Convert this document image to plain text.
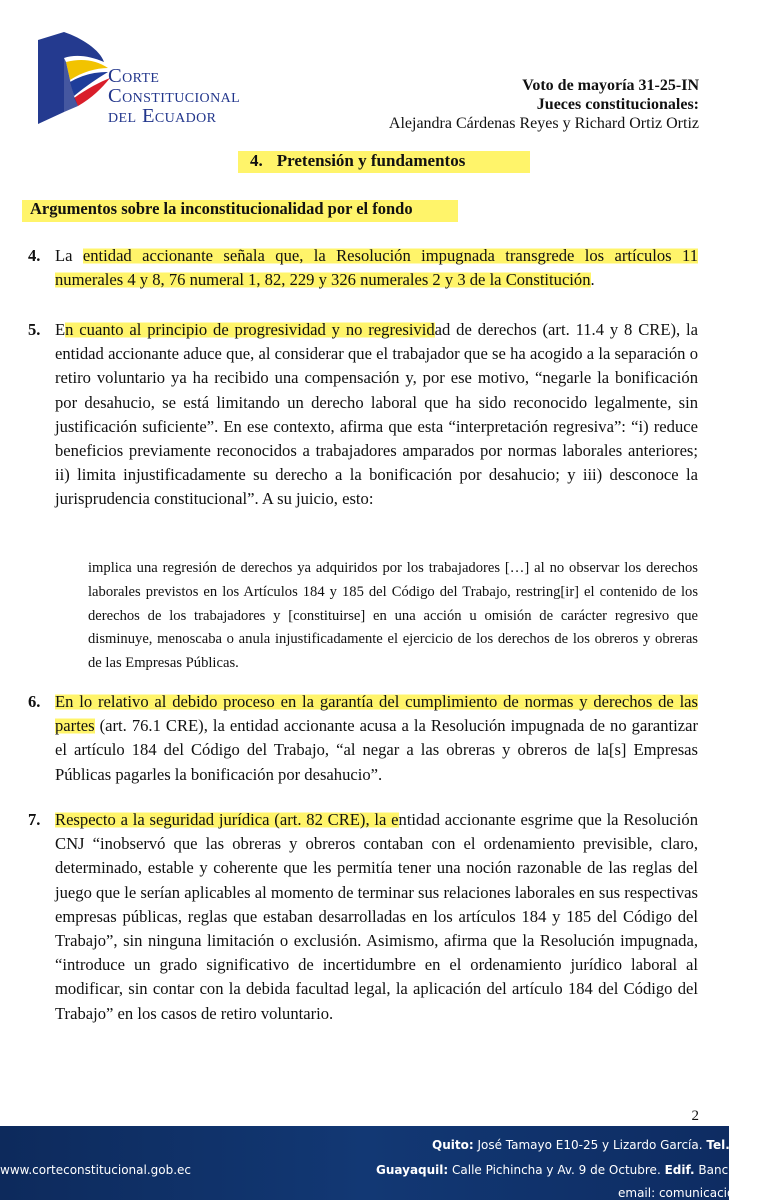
Corte
Constitucional
del Ecuador
Voto de mayoría 31-25-IN
Jueces constitucionales:
Alejandra Cárdenas Reyes y Richard Ortiz Ortiz
4. Pretensión y fundamentos
Argumentos sobre la inconstitucionalidad por el fondo
4. La entidad accionante señala que, la Resolución impugnada transgrede los artículos 11 numerales 4 y 8, 76 numeral 1, 82, 229 y 326 numerales 2 y 3 de la Constitución.
5. En cuanto al principio de progresividad y no regresividad de derechos (art. 11.4 y 8 CRE), la entidad accionante aduce que, al considerar que el trabajador que se ha acogido a la separación o retiro voluntario ya ha recibido una compensación y, por ese motivo, “negarle la bonificación por desahucio, se está limitando un derecho laboral que ha sido reconocido legalmente, sin justificación suficiente”. En ese contexto, afirma que esta “interpretación regresiva”: “i) reduce beneficios previamente reconocidos a trabajadores amparados por normas laborales anteriores; ii) limita injustificadamente su derecho a la bonificación por desahucio; y iii) desconoce la jurisprudencia constitucional”. A su juicio, esto:
implica una regresión de derechos ya adquiridos por los trabajadores […] al no observar los derechos laborales previstos en los Artículos 184 y 185 del Código del Trabajo, restring[ir] el contenido de los derechos de los trabajadores y [constituirse] en una acción u omisión de carácter regresivo que disminuye, menoscaba o anula injustificadamente el ejercicio de los derechos de los obreros y obreras de las Empresas Públicas.
6. En lo relativo al debido proceso en la garantía del cumplimiento de normas y derechos de las partes (art. 76.1 CRE), la entidad accionante acusa a la Resolución impugnada de no garantizar el artículo 184 del Código del Trabajo, “al negar a las obreras y obreros de la[s] Empresas Públicas pagarles la bonificación por desahucio”.
7. Respecto a la seguridad jurídica (art. 82 CRE), la entidad accionante esgrime que la Resolución CNJ “inobservó que las obreras y obreros contaban con el ordenamiento previsible, claro, determinado, estable y coherente que les permitía tener una noción razonable de las reglas del juego que le serían aplicables al momento de terminar sus relaciones laborales en sus respectivas empresas públicas, reglas que estaban desarrolladas en los artículos 184 y 185 del Código del Trabajo”, sin ninguna limitación o exclusión. Asimismo, afirma que la Resolución impugnada, “introduce un grado significativo de incertidumbre en el ordenamiento jurídico laboral al modificar, sin contar con la debida facultad legal, la aplicación del artículo 184 del Código del Trabajo” en los casos de retiro voluntario.
2
Quito: José Tamayo E10-25 y Lizardo García. Tel. (593
www.corteconstitucional.gob.ec	Guayaquil: Calle Pichincha y Av. 9 de Octubre. Edif. Banco Pichi
email: comunicacion
